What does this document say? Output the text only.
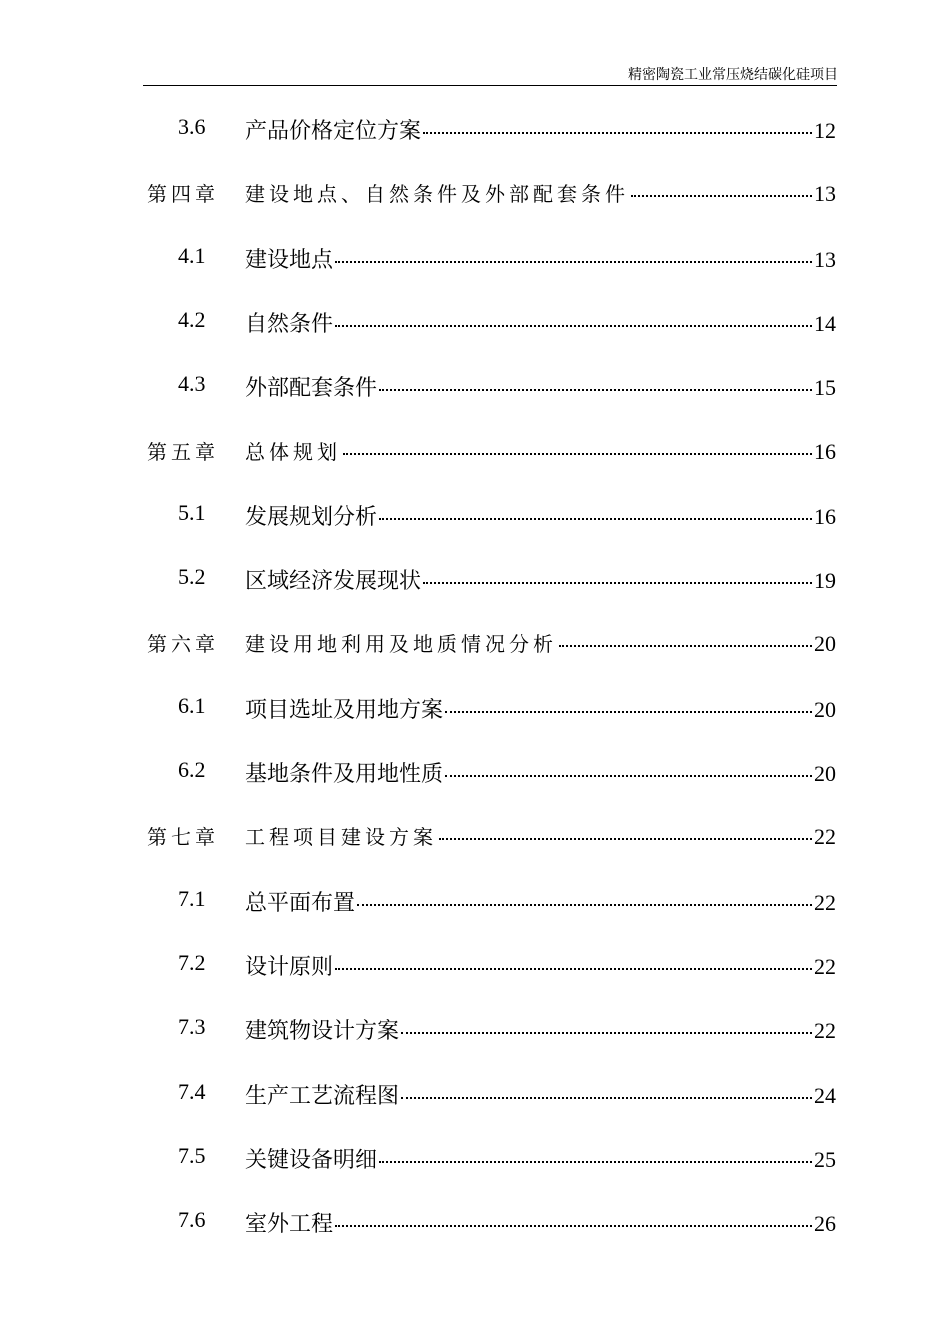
精密陶瓷工业常压烧结碳化硅项目
3.6 产品价格定位方案	12
第四章 建设地点、自然条件及外部配套条件	13
4.1 建设地点	13
4.2 自然条件	14
4.3 外部配套条件	15
第五章 总体规划	16
5.1 发展规划分析	16
5.2 区域经济发展现状	19
第六章 建设用地利用及地质情况分析	20
6.1 项目选址及用地方案	20
6.2 基地条件及用地性质	20
第七章 工程项目建设方案	22
7.1 总平面布置	22
7.2 设计原则	22
7.3 建筑物设计方案	22
7.4 生产工艺流程图	24
7.5 关键设备明细	25
7.6 室外工程	26
